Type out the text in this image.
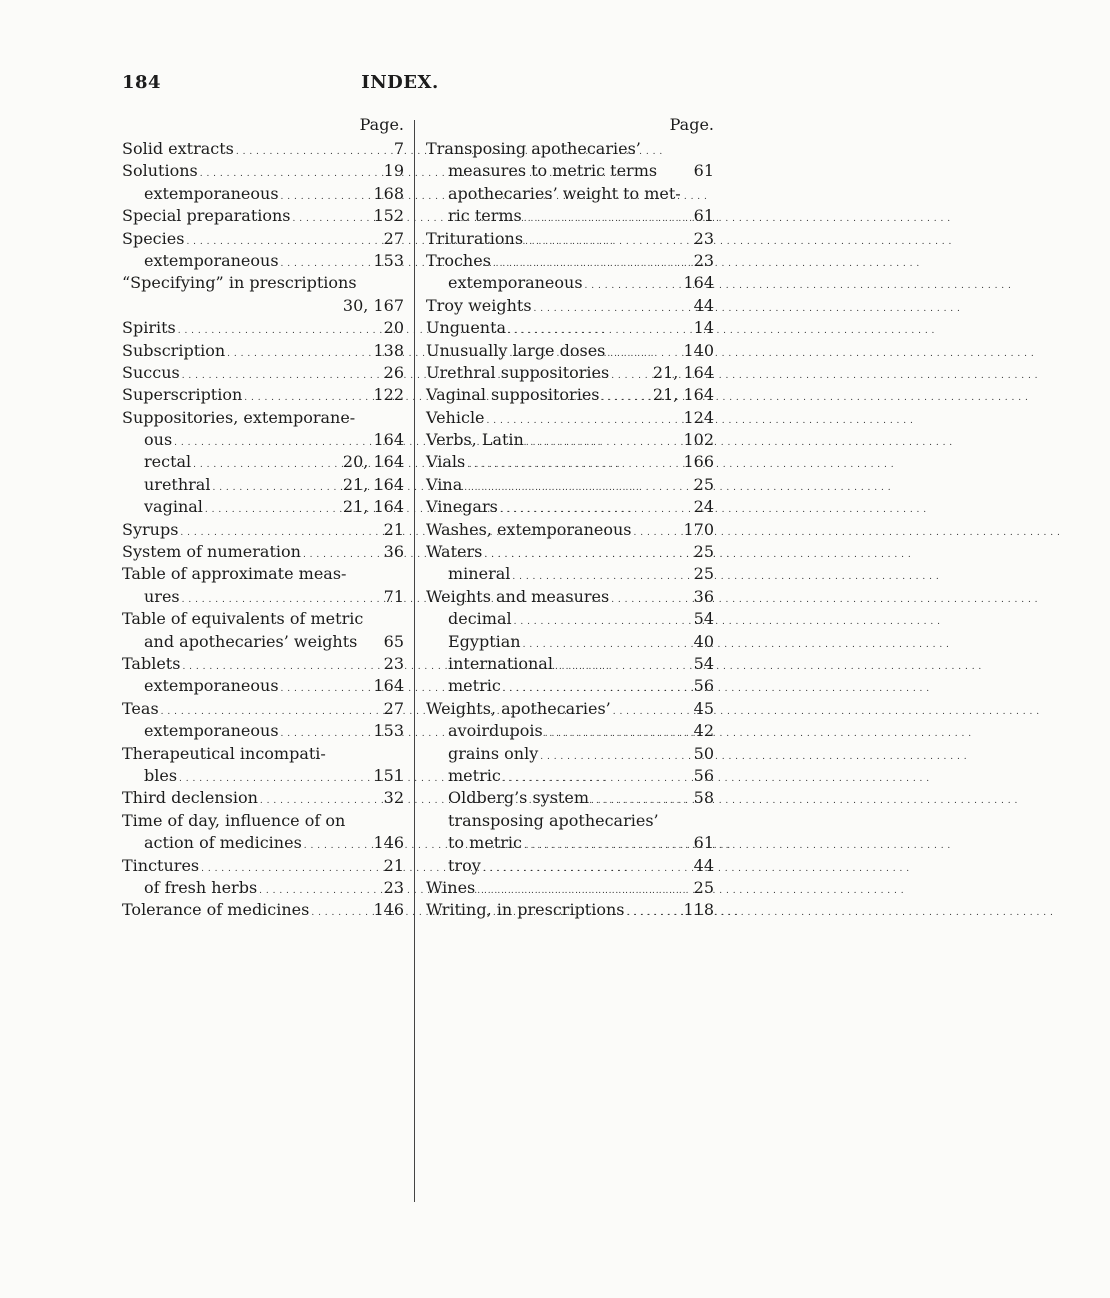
184	INDEX.
Page.
Solid extracts . . .	7
Solutions . . .	19
extemporaneous . . .	168
Special preparations . . .	152
Species . . .	27
extemporaneous . . .	153
“Specifying” in prescriptions
30, 167
Spirits . . .	20
Subscription . . .	138
Succus . . .	26
Superscription . . .	122
Suppositories, extemporane-
ous . . .	164
rectal . . .	20, 164
urethral . . .	21, 164
vaginal . . .	21, 164
Syrups . . .	21
System of numeration . . .	36
Table of approximate meas-
ures . . .	71
Table of equivalents of metric
and apothecaries’ weights 65
Tablets . . .	23
extemporaneous . . .	164
Teas . . .	27
extemporaneous . . .	153
Therapeutical incompati-
bles . . .	151
Third declension . . .	32
Time of day, influence of on
action of medicines . . .	146
Tinctures . . .	21
of fresh herbs . . .	23
Tolerance of medicines . . .	146
Page.
Transposing apothecaries’
measures to metric terms 61
apothecaries’ weight to met-
ric terms . . .	61
Triturations . . .	23
Troches . . .	23
extemporaneous . . .	164
Troy weights . . .	44
Unguenta . . .	14
Unusually large doses . . .	140
Urethral suppositories . . .	21, 164
Vaginal suppositories . . .	21, 164
Vehicle . . .	124
Verbs, Latin . . .	102
Vials . . .	166
Vina . . .	25
Vinegars . . .	24
Washes, extemporaneous . . .	170
Waters . . .	25
mineral . . .	25
Weights and measures . . .	36
decimal . . .	54
Egyptian . . .	40
international . . .	54
metric . . .	56
Weights, apothecaries’ . . .	45
avoirdupois . . .	42
grains only . . .	50
metric . . .	56
Oldberg’s system . . .	58
transposing apothecaries’
to metric . . .	61
troy . . .	44
Wines . . .	25
Writing, in prescriptions . . .	118
